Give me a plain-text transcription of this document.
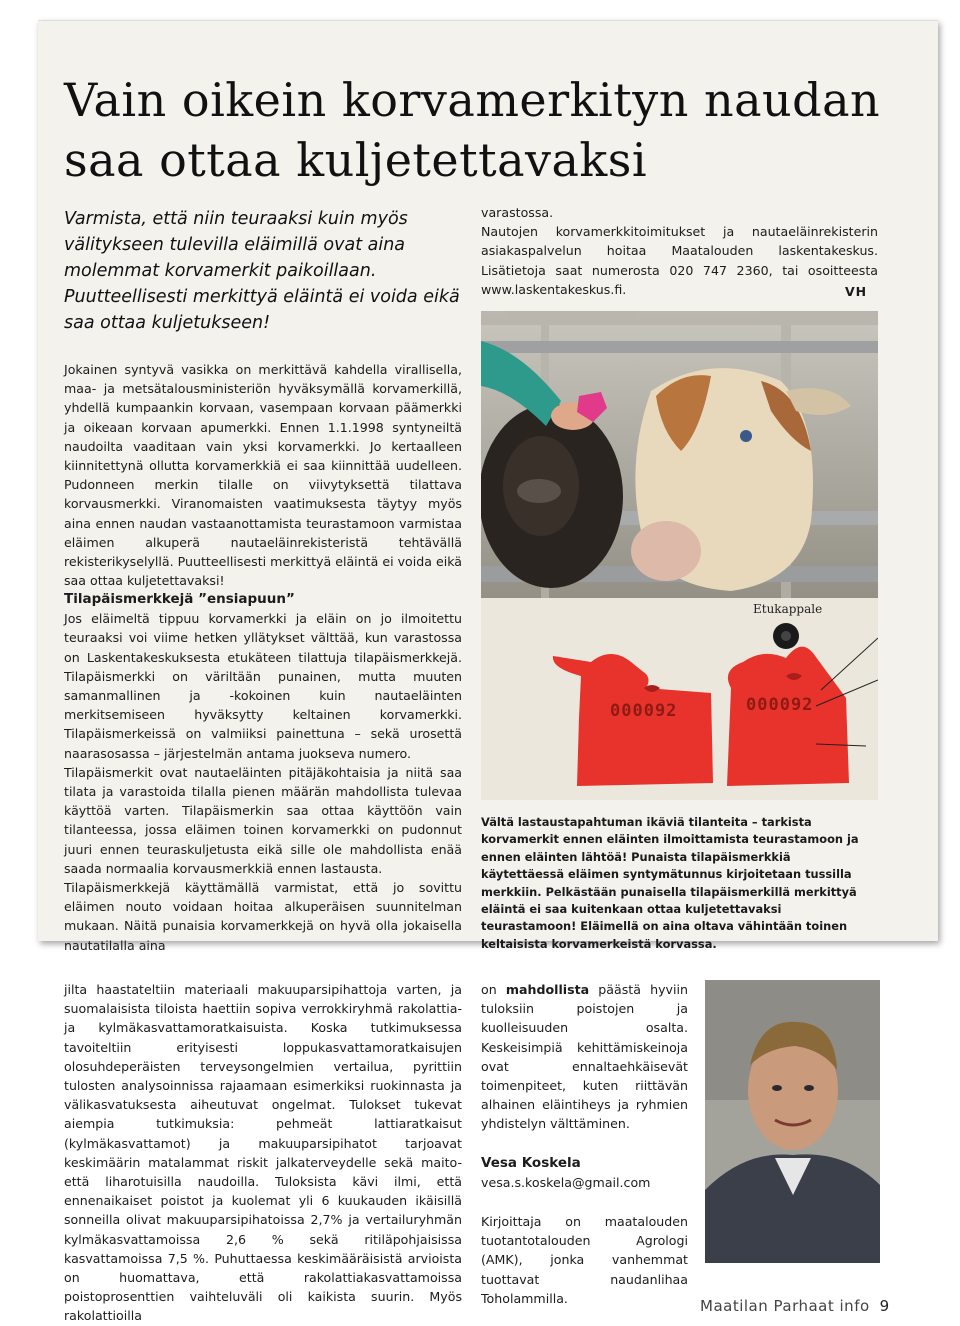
Vain oikein korvamerkityn naudan saa ottaa kuljetettavaksi

Varmista, että niin teuraaksi kuin myös välitykseen tulevilla eläimillä ovat aina molemmat korvamerkit paikoillaan. Puutteellisesti merkittyä eläintä ei voida eikä saa ottaa kuljetukseen!

Jokainen syntyvä vasikka on merkittävä kahdella virallisella, maa- ja metsätalousministeriön hyväksymällä korvamerkillä, yhdellä kumpaankin korvaan, vasempaan korvaan päämerkki ja oikeaan korvaan apumerkki. Ennen 1.1.1998 syntyneiltä naudoilta vaaditaan vain yksi korvamerkki. Jo kertaalleen kiinnitettynä ollutta korvamerkkiä ei saa kiinnittää uudelleen. Pudonneen merkin tilalle on viivytyksettä tilattava korvausmerkki. Viranomaisten vaatimuksesta täytyy myös aina ennen naudan vastaanottamista teurastamoon varmistaa eläimen alkuperä nautaeläinrekisteristä tehtävällä rekisterikyselyllä. Puutteellisesti merkittyä eläintä ei voida eikä saa ottaa kuljetettavaksi!

Tilapäismerkkejä ”ensiapuun”

Jos eläimeltä tippuu korvamerkki ja eläin on jo ilmoitettu teuraaksi voi viime hetken yllätykset välttää, kun varastossa on Laskentakeskuksesta etukäteen tilattuja tilapäismerkkejä. Tilapäismerkki on väriltään punainen, mutta muuten samanmallinen ja -kokoinen kuin nautaeläinten merkitsemiseen hyväksytty keltainen korvamerkki. Tilapäismerkeissä on valmiiksi painettuna – sekä urosettä naarasosassa – järjestelmän antama juokseva numero.

Tilapäismerkit ovat nautaeläinten pitäjäkohtaisia ja niitä saa tilata ja varastoida tilalla pienen määrän mahdollista tulevaa käyttöä varten. Tilapäismerkin saa ottaa käyttöön vain tilanteessa, jossa eläimen toinen korvamerkki on pudonnut juuri ennen teuraskuljetusta eikä sille ole mahdollista enää saada normaalia korvausmerkkiä ennen lastausta.

Tilapäismerkkejä käyttämällä varmistat, että jo sovittu eläimen nouto voidaan hoitaa alkuperäisen suunnitelman mukaan. Näitä punaisia korvamerkkejä on hyvä olla jokaisella nautatilalla aina

varastossa.

Nautojen korvamerkkitoimitukset ja nautaeläinrekisterin asiakaspalvelun hoitaa Maatalouden laskentakeskus. Lisätietoja saat numerosta 020 747 2360, tai osoitteesta www.laskentakeskus.fi.	VH
Etukappale
000092	000092

Vältä lastaustapahtuman ikäviä tilanteita – tarkista korvamerkit ennen eläinten ilmoittamista teurastamoon ja ennen eläinten lähtöä! Punaista tilapäismerkkiä käytettäessä eläimen syntymätunnus kirjoitetaan tussilla merkkiin. Pelkästään punaisella tilapäismerkillä merkittyä eläintä ei saa kuitenkaan ottaa kuljetettavaksi teurastamoon! Eläimellä on aina oltava vähintään toinen keltaisista korvamerkeistä korvassa.

jilta haastateltiin materiaali makuuparsipihattoja varten, ja suomalaisista tiloista haettiin sopiva verrokkiryhmä rakolattia- ja kylmäkasvattamoratkaisuista. Koska tutkimuksessa tavoiteltiin erityisesti loppukasvattamoratkaisujen olosuhdeperäisten terveysongelmien vertailua, pyrittiin tulosten analysoinnissa rajaamaan esimerkiksi ruokinnasta ja välikasvatuksesta aiheutuvat ongelmat. Tulokset tukevat aiempia tutkimuksia: pehmeät lattiaratkaisut (kylmäkasvattamot) ja makuuparsipihatot tarjoavat keskimäärin matalammat riskit jalkaterveydelle sekä maito- että liharotuisilla naudoilla. Tuloksista kävi ilmi, että ennenaikaiset poistot ja kuolemat yli 6 kuukauden ikäisillä sonneilla olivat makuuparsipihatoissa 2,7% ja vertailuryhmän kylmäkasvattamoissa 2,6 % sekä ritiläpohjaisissa kasvattamoissa 7,5 %. Puhuttaessa keskimääräisistä arvioista on huomattava, että rakolattiakasvattamoissa poistoprosenttien vaihteluväli oli kaikista suurin. Myös rakolattioilla

on mahdollista päästä hyviin tuloksiin poistojen ja kuolleisuuden osalta. Keskeisimpiä kehittämiskeinoja ovat ennaltaehkäisevät toimenpiteet, kuten riittävän alhainen eläintiheys ja ryhmien yhdistelyn välttäminen.

Vesa Koskela

vesa.s.koskela@gmail.com

Kirjoittaja on maatalouden tuotantotalouden Agrologi (AMK), jonka vanhemmat tuottavat naudanlihaa Toholammilla.	Maatilan Parhaat info 9
